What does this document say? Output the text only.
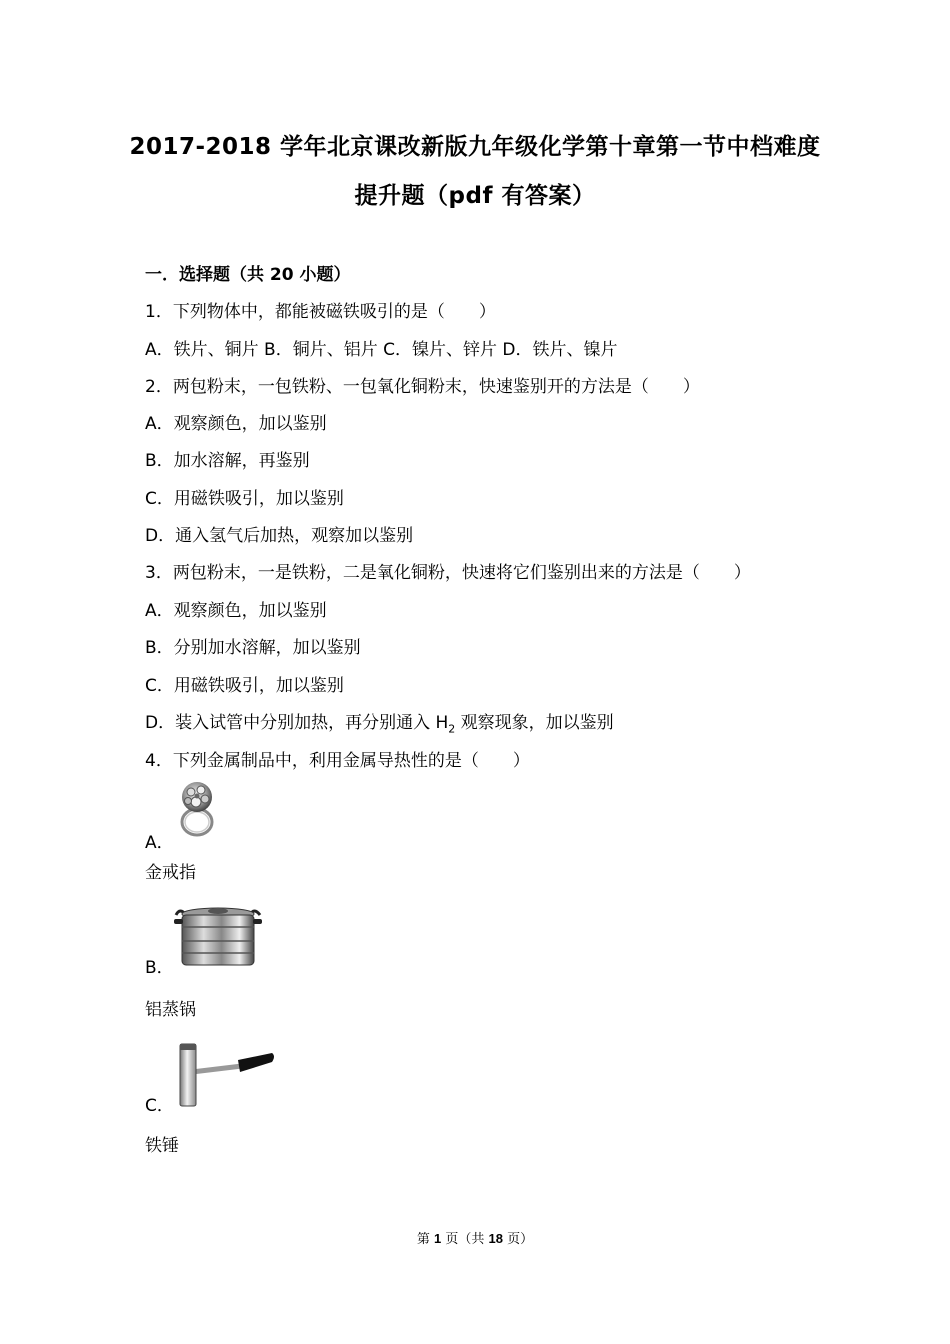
2017-2018 学年北京课改新版九年级化学第十章第一节中档难度
提升题（pdf 有答案）
一．选择题（共 20 小题）
1．下列物体中，都能被磁铁吸引的是（　　）
A．铁片、铜片 B．铜片、铝片 C．镍片、锌片 D．铁片、镍片
2．两包粉末，一包铁粉、一包氧化铜粉末，快速鉴别开的方法是（　　）
A．观察颜色，加以鉴别
B．加水溶解，再鉴别
C．用磁铁吸引，加以鉴别
D．通入氢气后加热，观察加以鉴别
3．两包粉末，一是铁粉，二是氧化铜粉，快速将它们鉴别出来的方法是（　　）
A．观察颜色，加以鉴别
B．分别加水溶解，加以鉴别
C．用磁铁吸引，加以鉴别
D．装入试管中分别加热，再分别通入 $H_2$ 观察现象，加以鉴别
4．下列金属制品中，利用金属导热性的是（　　）
A．
金戒指
B．
铝蒸锅
C．
铁锤
第 1 页（共 18 页）
